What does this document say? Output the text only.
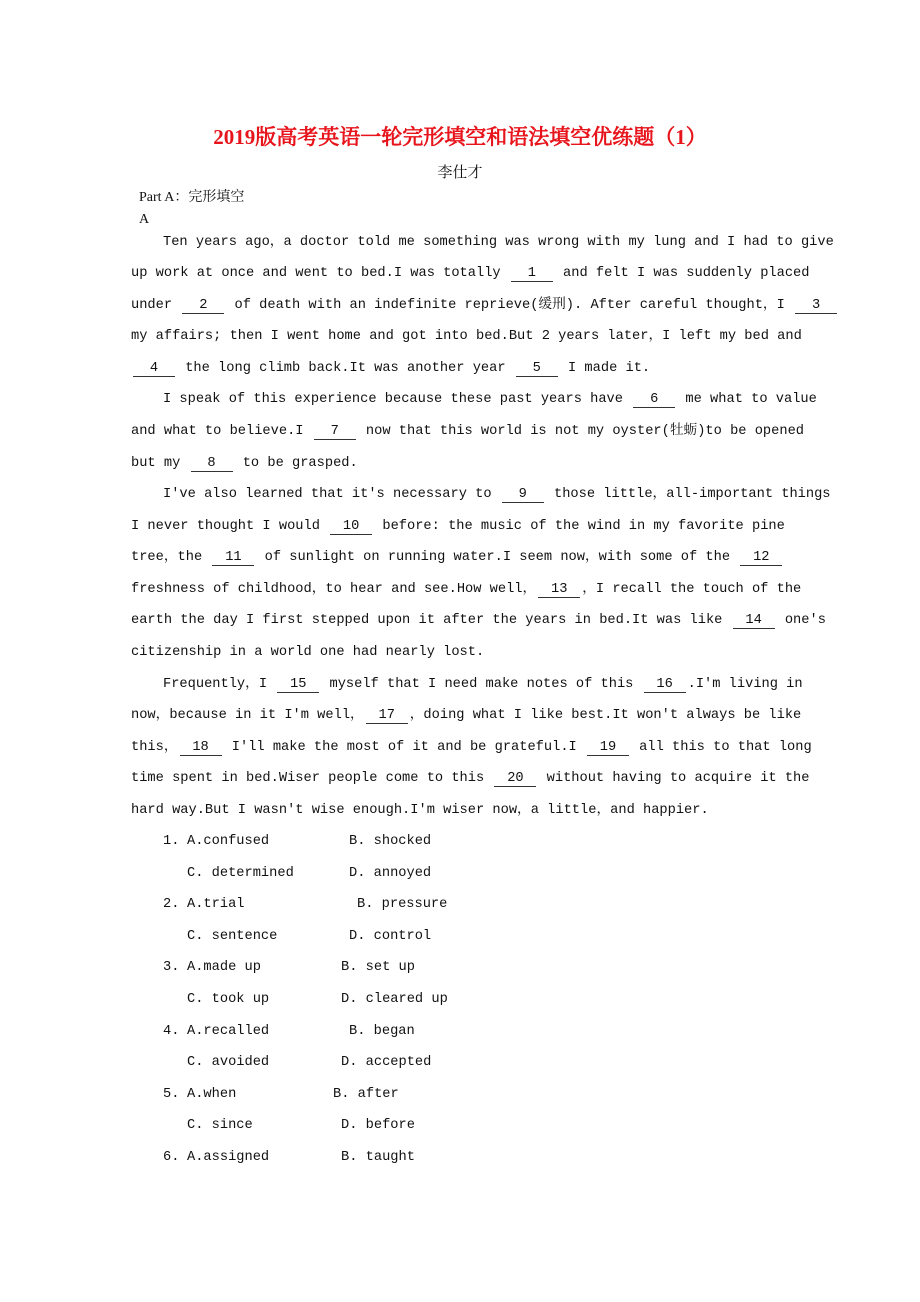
2019版高考英语一轮完形填空和语法填空优练题（1）
李仕才
Part A：完形填空
A
Ten years ago，a doctor told me something was wrong with my lung and I had to give
up work at once and went to bed.I was totally 1 and felt I was suddenly placed
under 2 of death with an indefinite reprieve(缓刑). After careful thought，I 3
my affairs; then I went home and got into bed.But 2 years later，I left my bed and
4 the long climb back.It was another year 5 I made it.
I speak of this experience because these past years have 6 me what to value
and what to believe.I 7 now that this world is not my oyster(牡蛎)to be opened
but my 8 to be grasped.
I've also learned that it's necessary to 9 those little，all-important things
I never thought I would 10 before: the music of the wind in my favorite pine
tree，the 11 of sunlight on running water.I seem now，with some of the 12
freshness of childhood，to hear and see.How well， 13 ，I recall the touch of the
earth the day I first stepped upon it after the years in bed.It was like 14 one's
citizenship in a world one had nearly lost.
Frequently，I 15 myself that I need make notes of this 16 .I'm living in
now，because in it I'm well， 17 ，doing what I like best.It won't always be like
this， 18 I'll make the most of it and be grateful.I 19 all this to that long
time spent in bed.Wiser people come to this 20 without having to acquire it the
hard way.But I wasn't wise enough.I'm wiser now，a little，and happier.
1. A.confused	B. shocked
C. determined	D. annoyed
2. A.trial	B. pressure
C. sentence	D. control
3. A.made up	B. set up
C. took up	D. cleared up
4. A.recalled	B. began
C. avoided	D. accepted
5. A.when	B. after
C. since	D. before
6. A.assigned	B. taught
